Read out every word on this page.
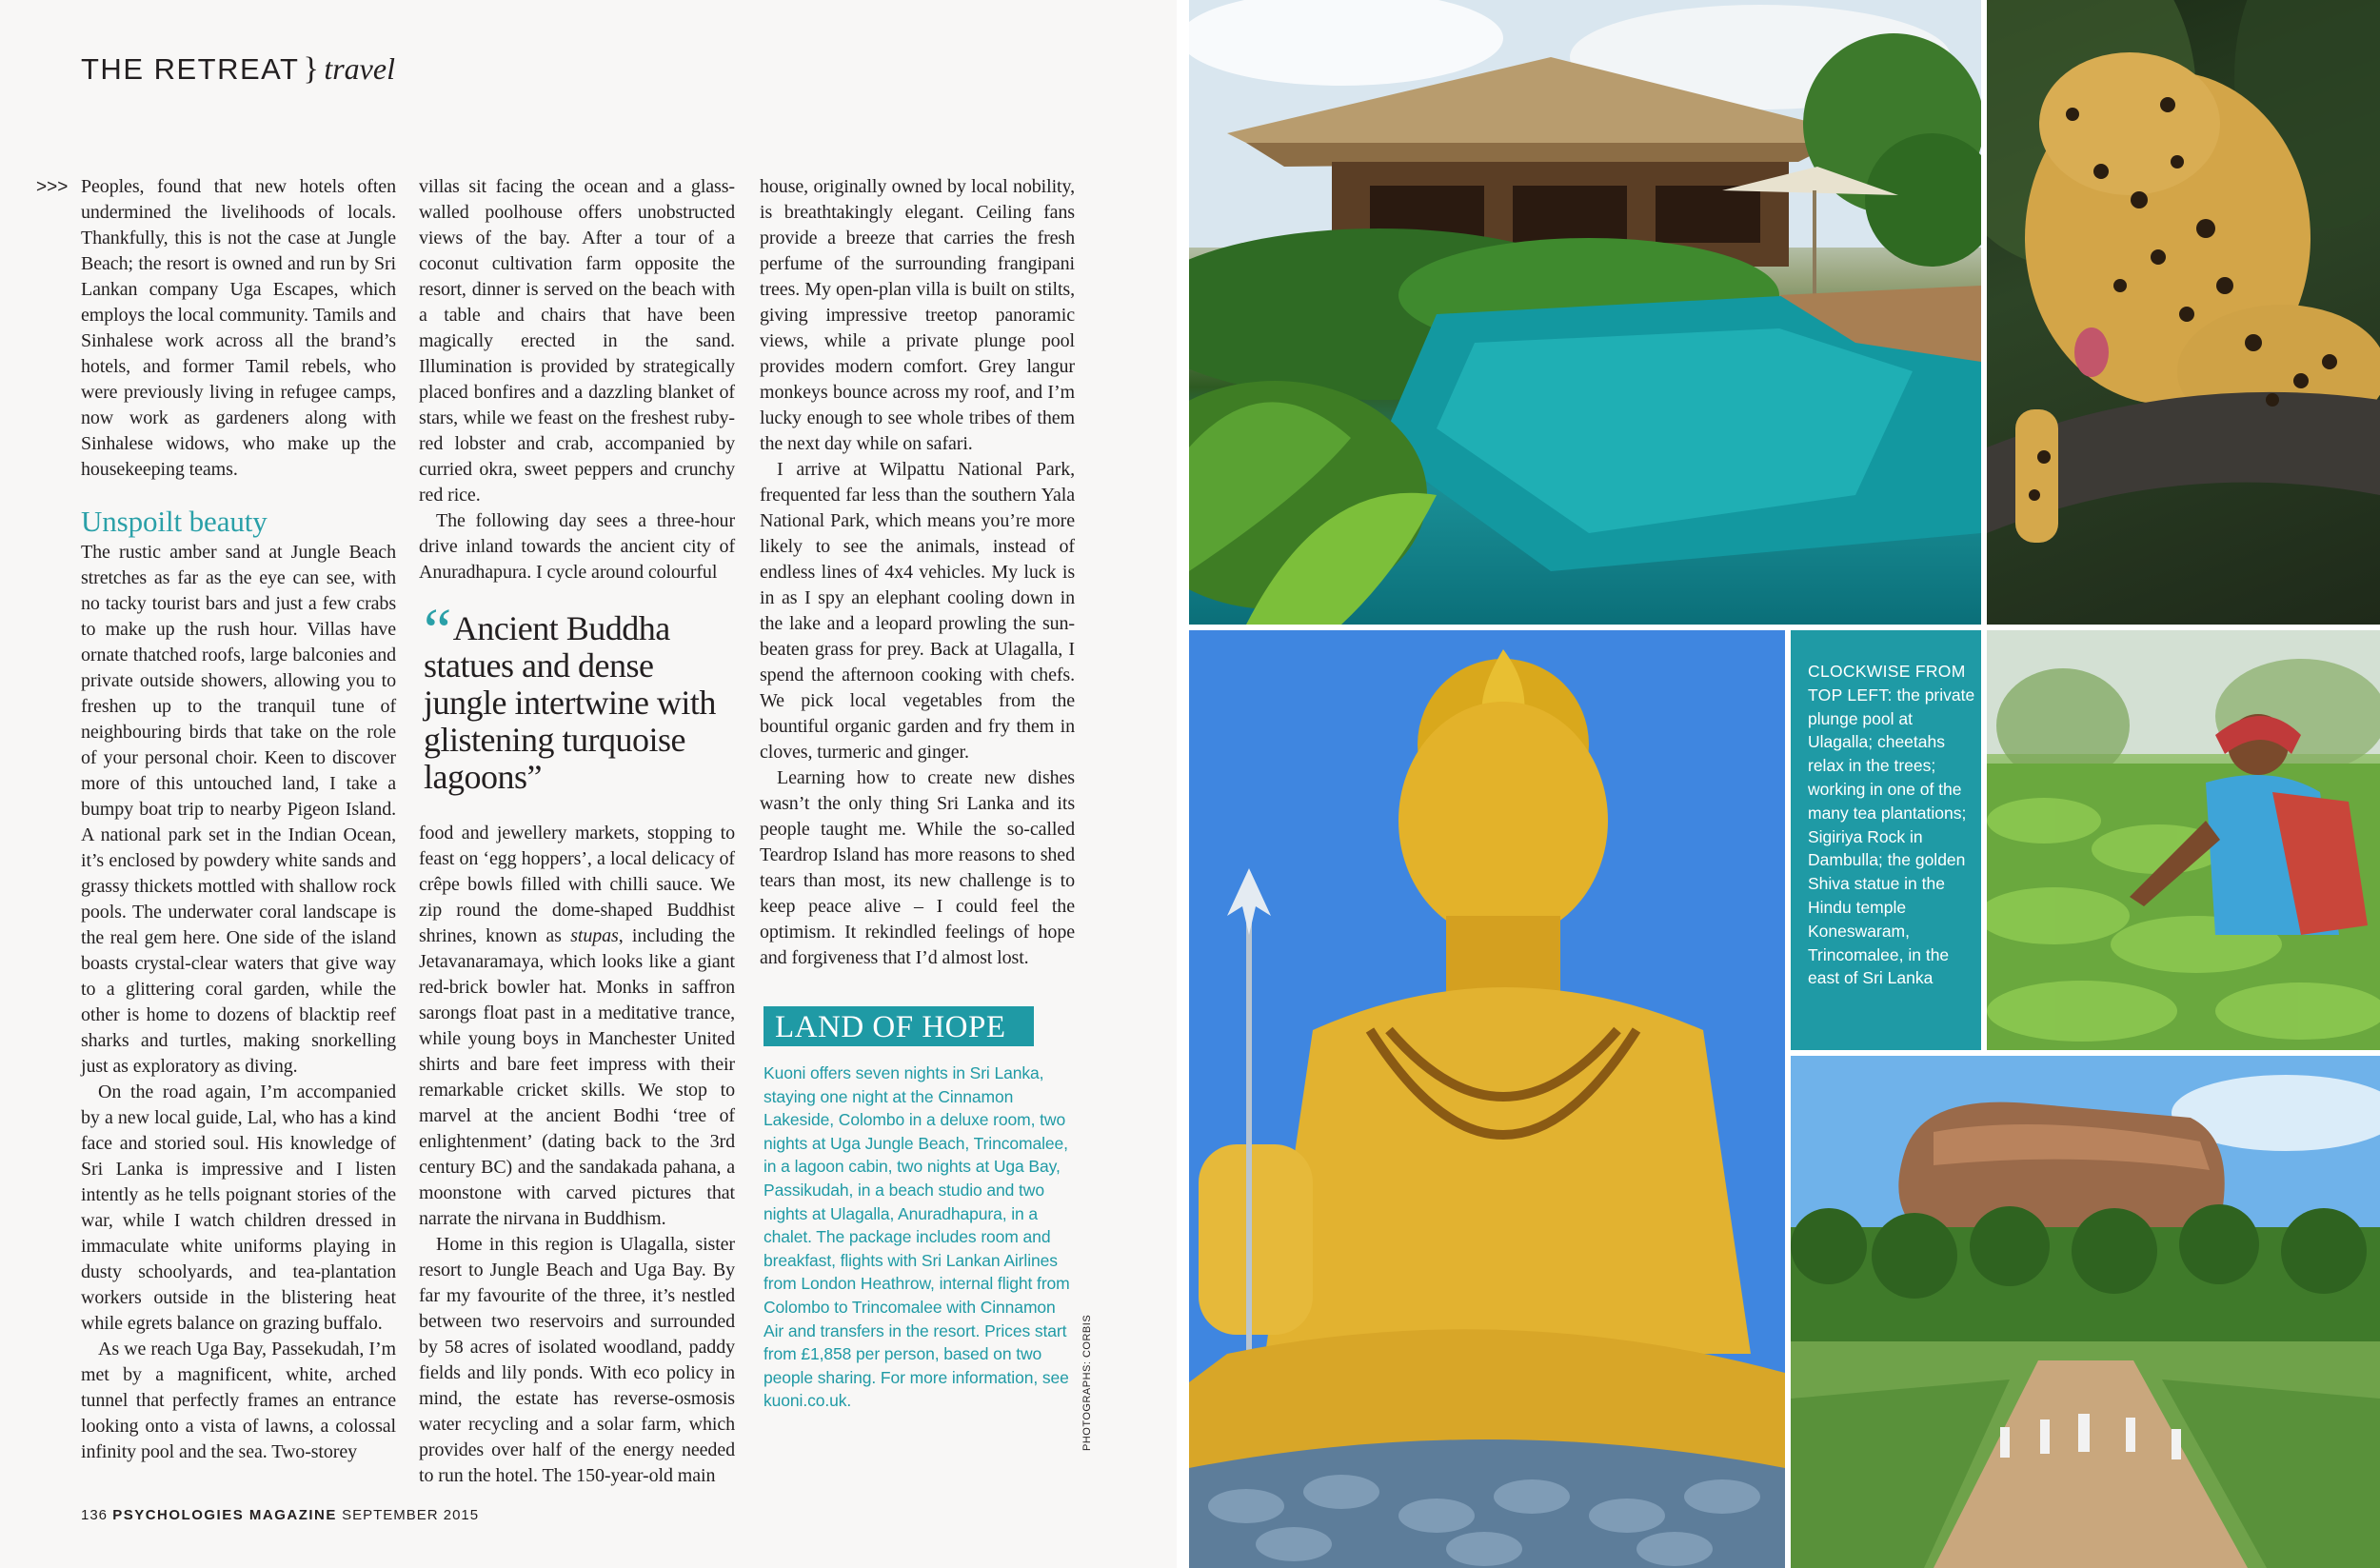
THE RETREAT } travel
>>> Peoples, found that new hotels often undermined the livelihoods of locals. Thankfully, this is not the case at Jungle Beach; the resort is owned and run by Sri Lankan company Uga Escapes, which employs the local community. Tamils and Sinhalese work across all the brand’s hotels, and former Tamil rebels, who were previously living in refugee camps, now work as gardeners along with Sinhalese widows, who make up the housekeeping teams.

Unspoilt beauty

The rustic amber sand at Jungle Beach stretches as far as the eye can see, with no tacky tourist bars and just a few crabs to make up the rush hour. Villas have ornate thatched roofs, large balconies and private outside showers, allowing you to freshen up to the tranquil tune of neighbouring birds that take on the role of your personal choir. Keen to discover more of this untouched land, I take a bumpy boat trip to nearby Pigeon Island. A national park set in the Indian Ocean, it’s enclosed by powdery white sands and grassy thickets mottled with shallow rock pools. The underwater coral landscape is the real gem here. One side of the island boasts crystal-clear waters that give way to a glittering coral garden, while the other is home to dozens of blacktip reef sharks and turtles, making snorkelling just as exploratory as diving.

On the road again, I’m accompanied by a new local guide, Lal, who has a kind face and storied soul. His knowledge of Sri Lanka is impressive and I listen intently as he tells poignant stories of the war, while I watch children dressed in immaculate white uniforms playing in dusty schoolyards, and tea-plantation workers outside in the blistering heat while egrets balance on grazing buffalo.

As we reach Uga Bay, Passekudah, I’m met by a magnificent, white, arched tunnel that perfectly frames an entrance looking onto a vista of lawns, a colossal infinity pool and the sea. Two-storey

villas sit facing the ocean and a glass-walled poolhouse offers unobstructed views of the bay. After a tour of a coconut cultivation farm opposite the resort, dinner is served on the beach with a table and chairs that have been magically erected in the sand. Illumination is provided by strategically placed bonfires and a dazzling blanket of stars, while we feast on the freshest ruby-red lobster and crab, accompanied by curried okra, sweet peppers and crunchy red rice.

The following day sees a three-hour drive inland towards the ancient city of Anuradhapura. I cycle around colourful

“Ancient Buddha statues and dense jungle intertwine with glistening turquoise lagoons”

food and jewellery markets, stopping to feast on ‘egg hoppers’, a local delicacy of crêpe bowls filled with chilli sauce. We zip round the dome-shaped Buddhist shrines, known as stupas, including the Jetavanaramaya, which looks like a giant red-brick bowler hat. Monks in saffron sarongs float past in a meditative trance, while young boys in Manchester United shirts and bare feet impress with their remarkable cricket skills. We stop to marvel at the ancient Bodhi ‘tree of enlightenment’ (dating back to the 3rd century BC) and the sandakada pahana, a moonstone with carved pictures that narrate the nirvana in Buddhism.

Home in this region is Ulagalla, sister resort to Jungle Beach and Uga Bay. By far my favourite of the three, it’s nestled between two reservoirs and surrounded by 58 acres of isolated woodland, paddy fields and lily ponds. With eco policy in mind, the estate has reverse-osmosis water recycling and a solar farm, which provides over half of the energy needed to run the hotel. The 150-year-old main

house, originally owned by local nobility, is breathtakingly elegant. Ceiling fans provide a breeze that carries the fresh perfume of the surrounding frangipani trees. My open-plan villa is built on stilts, giving impressive treetop panoramic views, while a private plunge pool provides modern comfort. Grey langur monkeys bounce across my roof, and I’m lucky enough to see whole tribes of them the next day while on safari.

I arrive at Wilpattu National Park, frequented far less than the southern Yala National Park, which means you’re more likely to see the animals, instead of endless lines of 4x4 vehicles. My luck is in as I spy an elephant cooling down in the lake and a leopard prowling the sun-beaten grass for prey. Back at Ulagalla, I spend the afternoon cooking with chefs. We pick local vegetables from the bountiful organic garden and fry them in cloves, turmeric and ginger.

Learning how to create new dishes wasn’t the only thing Sri Lanka and its people taught me. While the so-called Teardrop Island has more reasons to shed tears than most, its new challenge is to keep peace alive – I could feel the optimism. It rekindled feelings of hope and forgiveness that I’d almost lost.

LAND OF HOPE
Kuoni offers seven nights in Sri Lanka, staying one night at the Cinnamon Lakeside, Colombo in a deluxe room, two nights at Uga Jungle Beach, Trincomalee, in a lagoon cabin, two nights at Uga Bay, Passikudah, in a beach studio and two nights at Ulagalla, Anuradhapura, in a chalet. The package includes room and breakfast, flights with Sri Lankan Airlines from London Heathrow, internal flight from Colombo to Trincomalee with Cinnamon Air and transfers in the resort. Prices start from £1,858 per person, based on two people sharing. For more information, see kuoni.co.uk.	PHOTOGRAPHS: CORBIS
136 PSYCHOLOGIES MAGAZINE SEPTEMBER 2015
CLOCKWISE FROM TOP LEFT: the private plunge pool at Ulagalla; cheetahs relax in the trees; working in one of the many tea plantations; Sigiriya Rock in Dambulla; the golden Shiva statue in the Hindu temple Koneswaram, Trincomalee, in the east of Sri Lanka
